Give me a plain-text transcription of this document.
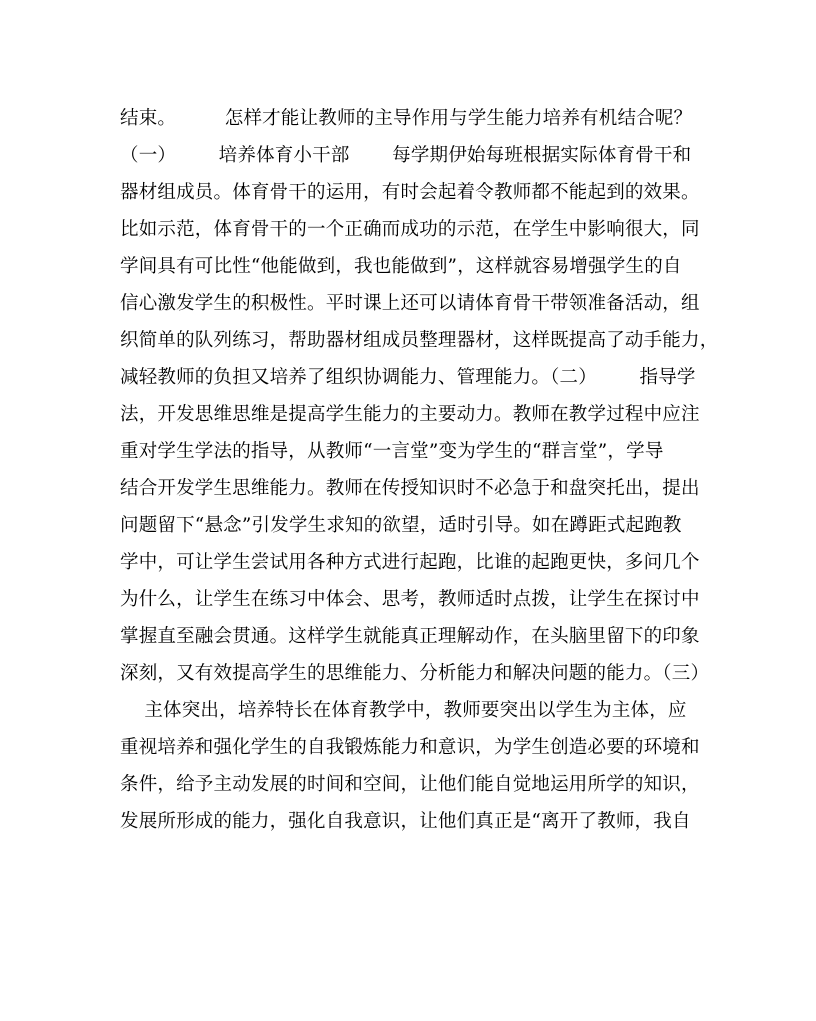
结束。        怎样才能让教师的主导作用与学生能力培养有机结合呢？
（一）       培养体育小干部       每学期伊始每班根据实际体育骨干和
器材组成员。体育骨干的运用，有时会起着令教师都不能起到的效果。
比如示范，体育骨干的一个正确而成功的示范，在学生中影响很大，同
学间具有可比性“他能做到，我也能做到”，这样就容易增强学生的自
信心激发学生的积极性。平时课上还可以请体育骨干带领准备活动，组
织简单的队列练习，帮助器材组成员整理器材，这样既提高了动手能力，
减轻教师的负担又培养了组织协调能力、管理能力。（二）       指导学
法，开发思维思维是提高学生能力的主要动力。教师在教学过程中应注
重对学生学法的指导，从教师“一言堂”变为学生的“群言堂”，学导
结合开发学生思维能力。教师在传授知识时不必急于和盘突托出，提出
问题留下“悬念”引发学生求知的欲望，适时引导。如在蹲距式起跑教
学中，可让学生尝试用各种方式进行起跑，比谁的起跑更快，多问几个
为什么，让学生在练习中体会、思考，教师适时点拨，让学生在探讨中
掌握直至融会贯通。这样学生就能真正理解动作，在头脑里留下的印象
深刻，又有效提高学生的思维能力、分析能力和解决问题的能力。（三）
主体突出，培养特长在体育教学中，教师要突出以学生为主体，应
重视培养和强化学生的自我锻炼能力和意识，为学生创造必要的环境和
条件，给予主动发展的时间和空间，让他们能自觉地运用所学的知识，
发展所形成的能力，强化自我意识，让他们真正是“离开了教师，我自
